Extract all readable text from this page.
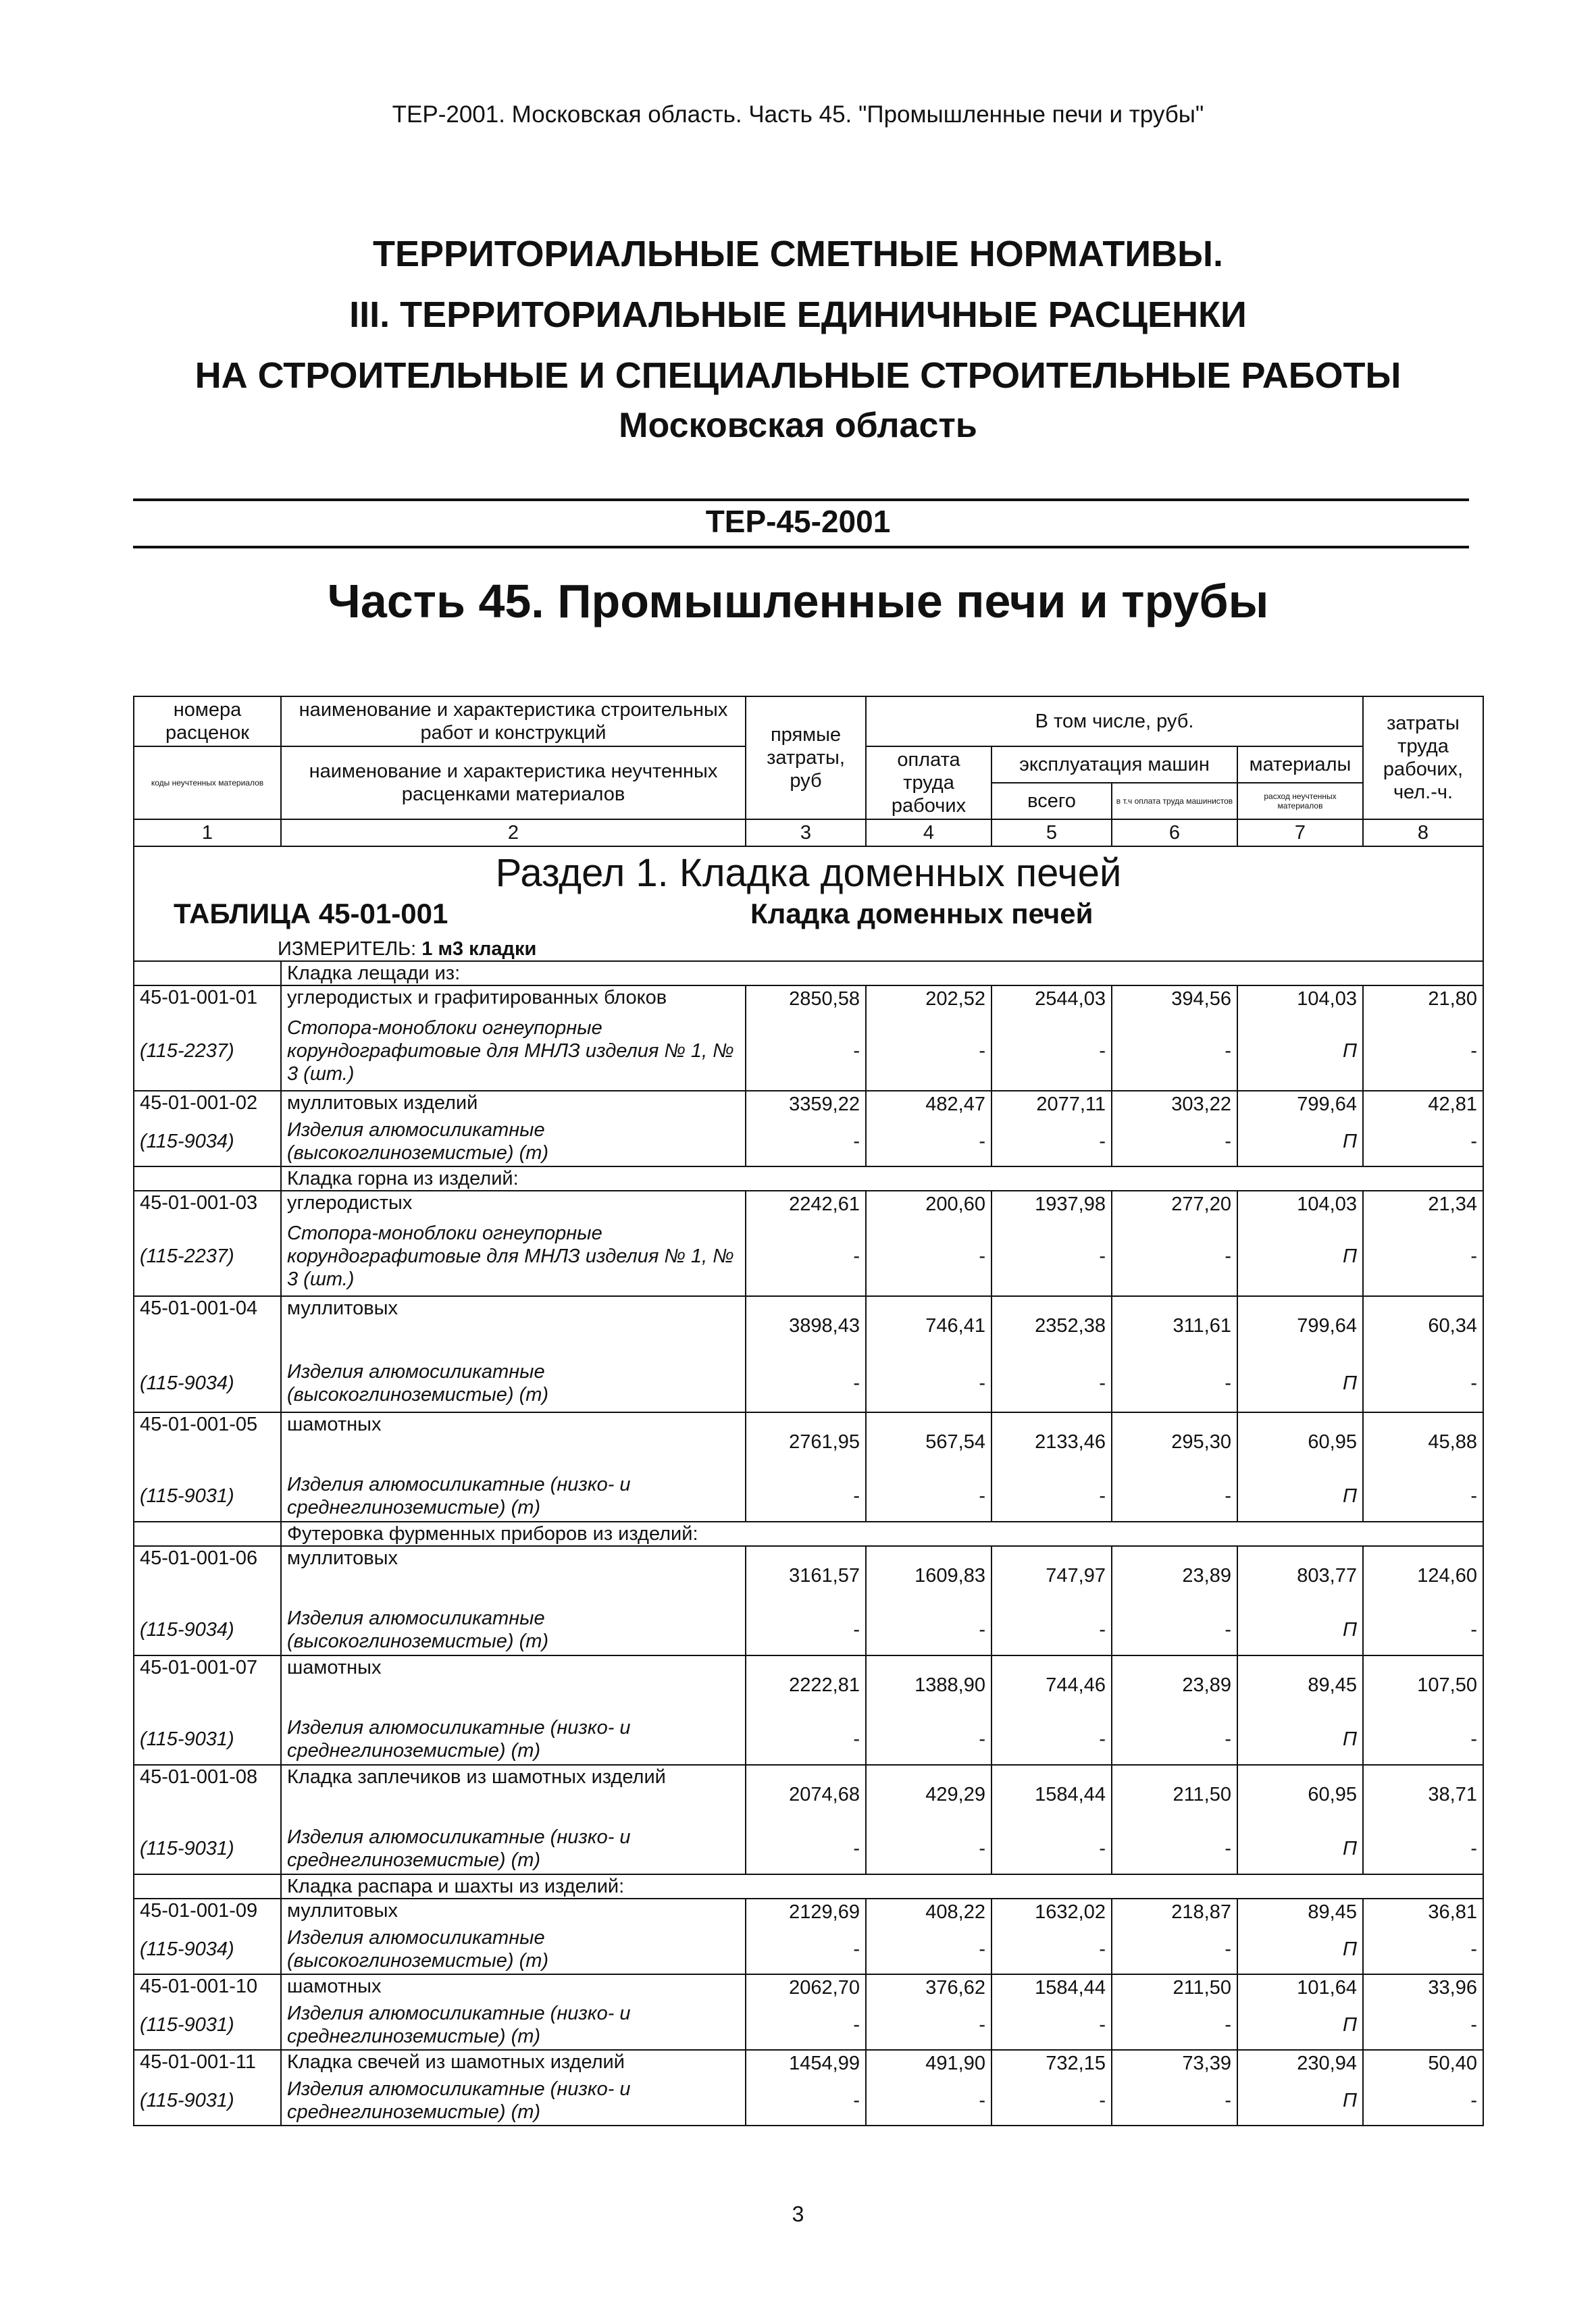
ТЕР-2001. Московская область. Часть 45. "Промышленные печи и трубы"
ТЕРРИТОРИАЛЬНЫЕ СМЕТНЫЕ НОРМАТИВЫ.
III. ТЕРРИТОРИАЛЬНЫЕ ЕДИНИЧНЫЕ РАСЦЕНКИ
НА СТРОИТЕЛЬНЫЕ И СПЕЦИАЛЬНЫЕ СТРОИТЕЛЬНЫЕ РАБОТЫ
Московская область
ТЕР-45-2001
Часть 45. Промышленные печи и трубы
номера расценок	наименование и характеристика строительных работ и конструкций	прямые затраты, руб	В том числе, руб.				затраты труда рабочих, чел.-ч.
коды неучтенных материалов	наименование и характеристика неучтенных расценками материалов		оплата труда рабочих	эксплуатация машин		материалы	
				всего	в т.ч оплата труда машинистов	расход неучтенных материалов	
1	2	3	4	5	6	7	8
Раздел 1. Кладка доменных печей							

ТАБЛИЦА 45-01-001 Кладка доменных печей							

ИЗМЕРИТЕЛЬ: 1 м3 кладки							
	Кладка лещади из:						
45-01-001-01	углеродистых и графитированных блоков	2850,58	202,52	2544,03	394,56	104,03	21,80
(115-2237)	Стопора-моноблоки огнеупорные корундографитовые для МНЛЗ изделия № 1, № 3 (шт.)	-	-	-	-	П	-
45-01-001-02	муллитовых изделий	3359,22	482,47	2077,11	303,22	799,64	42,81
(115-9034)	Изделия алюмосиликатные (высокоглиноземистые) (т)	-	-	-	-	П	-
	Кладка горна из изделий:						
45-01-001-03	углеродистых	2242,61	200,60	1937,98	277,20	104,03	21,34
(115-2237)	Стопора-моноблоки огнеупорные корундографитовые для МНЛЗ изделия № 1, № 3 (шт.)	-	-	-	-	П	-
45-01-001-04	муллитовых	3898,43	746,41	2352,38	311,61	799,64	60,34
(115-9034)	Изделия алюмосиликатные (высокоглиноземистые) (т)	-	-	-	-	П	-
45-01-001-05	шамотных	2761,95	567,54	2133,46	295,30	60,95	45,88
(115-9031)	Изделия алюмосиликатные (низко- и среднеглиноземистые) (т)	-	-	-	-	П	-
	Футеровка фурменных приборов из изделий:						
45-01-001-06	муллитовых	3161,57	1609,83	747,97	23,89	803,77	124,60
(115-9034)	Изделия алюмосиликатные (высокоглиноземистые) (т)	-	-	-	-	П	-
45-01-001-07	шамотных	2222,81	1388,90	744,46	23,89	89,45	107,50
(115-9031)	Изделия алюмосиликатные (низко- и среднеглиноземистые) (т)	-	-	-	-	П	-
45-01-001-08	Кладка заплечиков из шамотных изделий	2074,68	429,29	1584,44	211,50	60,95	38,71
(115-9031)	Изделия алюмосиликатные (низко- и среднеглиноземистые) (т)	-	-	-	-	П	-
	Кладка распара и шахты из изделий:						
45-01-001-09	муллитовых	2129,69	408,22	1632,02	218,87	89,45	36,81
(115-9034)	Изделия алюмосиликатные (высокоглиноземистые) (т)	-	-	-	-	П	-
45-01-001-10	шамотных	2062,70	376,62	1584,44	211,50	101,64	33,96
(115-9031)	Изделия алюмосиликатные (низко- и среднеглиноземистые) (т)	-	-	-	-	П	-
45-01-001-11	Кладка свечей из шамотных изделий	1454,99	491,90	732,15	73,39	230,94	50,40
(115-9031)	Изделия алюмосиликатные (низко- и среднеглиноземистые) (т)	-	-	-	-	П	-
3
